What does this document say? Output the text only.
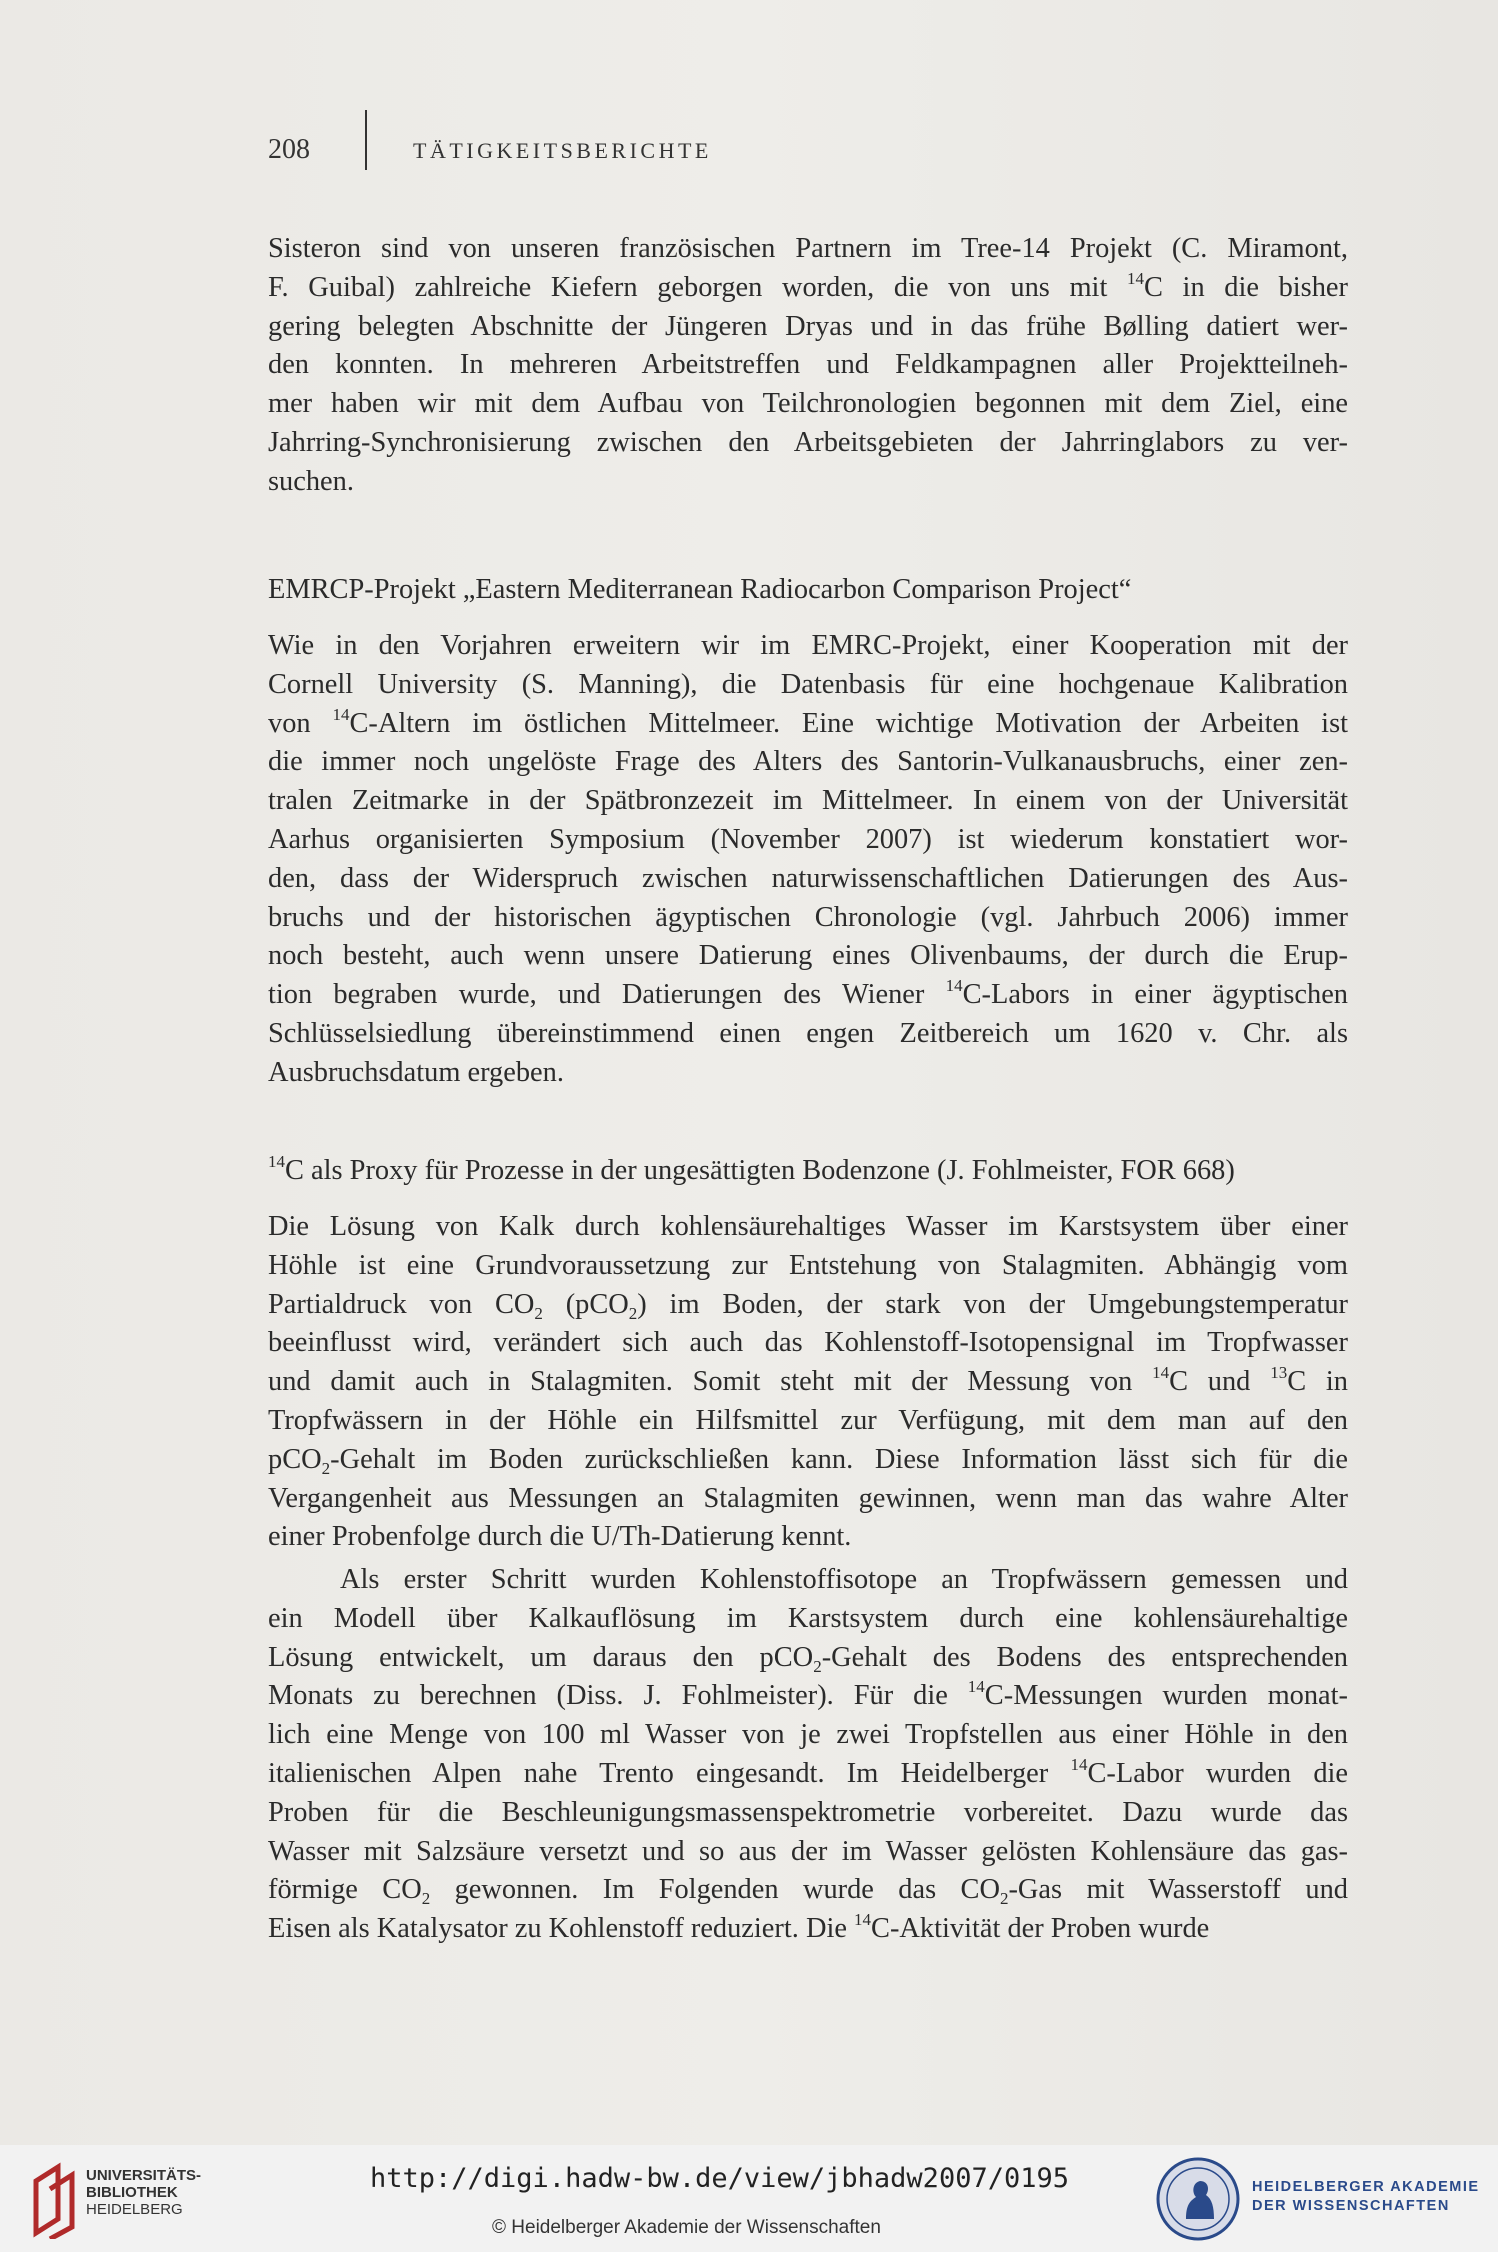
208	TÄTIGKEITSBERICHTE
Sisteron sind von unseren französischen Partnern im Tree-14 Projekt (C. Miramont,
F. Guibal) zahlreiche Kiefern geborgen worden, die von uns mit $^{14}$C in die bisher
gering belegten Abschnitte der Jüngeren Dryas und in das frühe Bølling datiert wer-
den konnten. In mehreren Arbeitstreffen und Feldkampagnen aller Projektteilneh-
mer haben wir mit dem Aufbau von Teilchronologien begonnen mit dem Ziel, eine
Jahrring-Synchronisierung zwischen den Arbeitsgebieten der Jahrringlabors zu ver-
suchen.
EMRCP-Projekt „Eastern Mediterranean Radiocarbon Comparison Project“
Wie in den Vorjahren erweitern wir im EMRC-Projekt, einer Kooperation mit der
Cornell University (S. Manning), die Datenbasis für eine hochgenaue Kalibration
von $^{14}$C-Altern im östlichen Mittelmeer. Eine wichtige Motivation der Arbeiten ist
die immer noch ungelöste Frage des Alters des Santorin-Vulkanausbruchs, einer zen-
tralen Zeitmarke in der Spätbronzezeit im Mittelmeer. In einem von der Universität
Aarhus organisierten Symposium (November 2007) ist wiederum konstatiert wor-
den, dass der Widerspruch zwischen naturwissenschaftlichen Datierungen des Aus-
bruchs und der historischen ägyptischen Chronologie (vgl. Jahrbuch 2006) immer
noch besteht, auch wenn unsere Datierung eines Olivenbaums, der durch die Erup-
tion begraben wurde, und Datierungen des Wiener $^{14}$C-Labors in einer ägyptischen
Schlüsselsiedlung übereinstimmend einen engen Zeitbereich um 1620 v. Chr. als
Ausbruchsdatum ergeben.
$^{14}$C als Proxy für Prozesse in der ungesättigten Bodenzone (J. Fohlmeister, FOR 668)
Die Lösung von Kalk durch kohlensäurehaltiges Wasser im Karstsystem über einer
Höhle ist eine Grundvoraussetzung zur Entstehung von Stalagmiten. Abhängig vom
Partialdruck von $CO_2$ (pCO$_2$) im Boden, der stark von der Umgebungstemperatur
beeinflusst wird, verändert sich auch das Kohlenstoff-Isotopensignal im Tropfwasser
und damit auch in Stalagmiten. Somit steht mit der Messung von $^{14}$C und $^{13}$C in
Tropfwässern in der Höhle ein Hilfsmittel zur Verfügung, mit dem man auf den
pCO$_2$-Gehalt im Boden zurückschließen kann. Diese Information lässt sich für die
Vergangenheit aus Messungen an Stalagmiten gewinnen, wenn man das wahre Alter
einer Probenfolge durch die U/Th-Datierung kennt.
Als erster Schritt wurden Kohlenstoffisotope an Tropfwässern gemessen und
ein Modell über Kalkauflösung im Karstsystem durch eine kohlensäurehaltige
Lösung entwickelt, um daraus den pCO$_2$-Gehalt des Bodens des entsprechenden
Monats zu berechnen (Diss. J. Fohlmeister). Für die $^{14}$C-Messungen wurden monat-
lich eine Menge von 100 ml Wasser von je zwei Tropfstellen aus einer Höhle in den
italienischen Alpen nahe Trento eingesandt. Im Heidelberger $^{14}$C-Labor wurden die
Proben für die Beschleunigungsmassenspektrometrie vorbereitet. Dazu wurde das
Wasser mit Salzsäure versetzt und so aus der im Wasser gelösten Kohlensäure das gas-
förmige $CO_2$ gewonnen. Im Folgenden wurde das $CO_2$-Gas mit Wasserstoff und
Eisen als Katalysator zu Kohlenstoff reduziert. Die $^{14}$C-Aktivität der Proben wurde
UNIVERSITÄTS-
BIBLIOTHEK
HEIDELBERG
http://digi.hadw-bw.de/view/jbhadw2007/0195
© Heidelberger Akademie der Wissenschaften
HEIDELBERGER AKADEMIE
DER WISSENSCHAFTEN
